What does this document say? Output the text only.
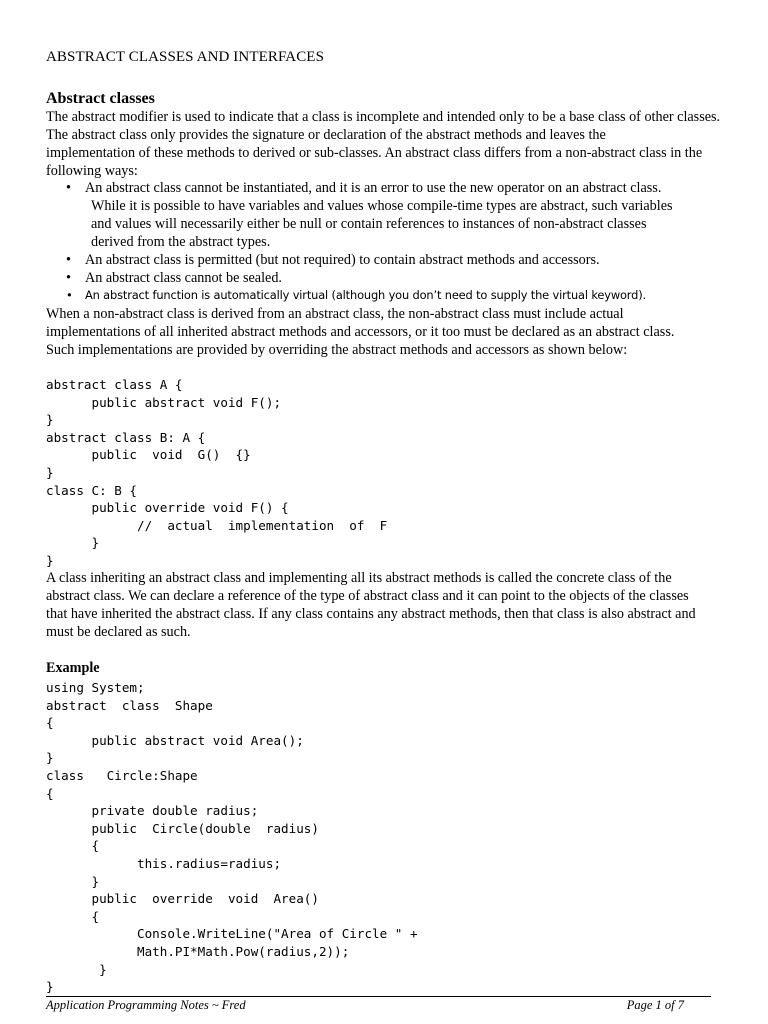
ABSTRACT CLASSES AND INTERFACES
Abstract classes

The abstract modifier is used to indicate that a class is incomplete and intended only to be a base class of other classes.
The abstract class only provides the signature or declaration of the abstract methods and leaves the
implementation of these methods to derived or sub-classes. An abstract class differs from a non-abstract class in the
following ways:

• An abstract class cannot be instantiated, and it is an error to use the new operator on an abstract class.
While it is possible to have variables and values whose compile-time types are abstract, such variables
and values will necessarily either be null or contain references to instances of non-abstract classes
derived from the abstract types.
• An abstract class is permitted (but not required) to contain abstract methods and accessors.
• An abstract class cannot be sealed.
• An abstract function is automatically virtual (although you don’t need to supply the virtual keyword).

When a non-abstract class is derived from an abstract class, the non-abstract class must include actual
implementations of all inherited abstract methods and accessors, or it too must be declared as an abstract class.
Such implementations are provided by overriding the abstract methods and accessors as shown below:

abstract class A {
public abstract void F();
}
abstract class B: A {
public  void  G()  {}
}
class C: B {
public override void F() {
//  actual  implementation  of  F
}
}

A class inheriting an abstract class and implementing all its abstract methods is called the concrete class of the
abstract class. We can declare a reference of the type of abstract class and it can point to the objects of the classes
that have inherited the abstract class. If any class contains any abstract methods, then that class is also abstract and
must be declared as such.

Example
using System;
abstract  class  Shape
{
public abstract void Area();
}
class   Circle:Shape
{
private double radius;
public  Circle(double  radius)
{
this.radius=radius;
}
public  override  void  Area()
{
Console.WriteLine("Area of Circle " +
Math.PI*Math.Pow(radius,2));
}
}
Application Programming Notes ~ Fred	Page 1 of 7
